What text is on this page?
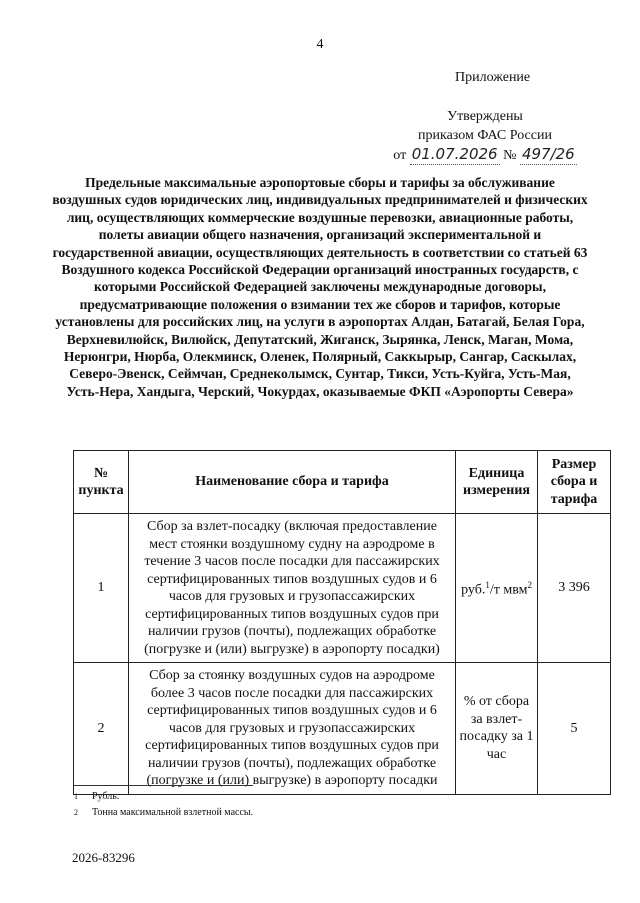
4
Приложение
Утверждены
приказом ФАС России
от 01.07.2026 № 497/26
Предельные максимальные аэропортовые сборы и тарифы за обслуживание воздушных судов юридических лиц, индивидуальных предпринимателей и физических лиц, осуществляющих коммерческие воздушные перевозки, авиационные работы, полеты авиации общего назначения, организаций экспериментальной и государственной авиации, осуществляющих деятельность в соответствии со статьей 63 Воздушного кодекса Российской Федерации организаций иностранных государств, с которыми Российской Федерацией заключены международные договоры, предусматривающие положения о взимании тех же сборов и тарифов, которые установлены для российских лиц, на услуги в аэропортах Алдан, Батагай, Белая Гора, Верхневилюйск, Вилюйск, Депутатский, Жиганск, Зырянка, Ленск, Маган, Мома, Нерюнгри, Нюрба, Олекминск, Оленек, Полярный, Саккырыр, Сангар, Саскылах, Северо-Эвенск, Сеймчан, Среднеколымск, Сунтар, Тикси, Усть-Куйга, Усть-Мая, Усть-Нера, Хандыга, Черский, Чокурдах, оказываемые ФКП «Аэропорты Севера»
№ пункта	Наименование сбора и тарифа	Единица измерения	Размер сбора и тарифа
1	Сбор за взлет-посадку (включая предоставление мест стоянки воздушному судну на аэродроме в течение 3 часов после посадки для пассажирских сертифицированных типов воздушных судов и 6 часов для грузовых и грузопассажирских сертифицированных типов воздушных судов при наличии грузов (почты), подлежащих обработке (погрузке и (или) выгрузке) в аэропорту посадки)	руб.$^1$/т мвм$^2$	3 396
2	Сбор за стоянку воздушных судов на аэродроме более 3 часов после посадки для пассажирских сертифицированных типов воздушных судов и 6 часов для грузовых и грузопассажирских сертифицированных типов воздушных судов при наличии грузов (почты), подлежащих обработке (погрузке и (или) выгрузке) в аэропорту посадки	% от сбора за взлет-посадку за 1 час	5
1	Рубль.
2	Тонна максимальной взлетной массы.
2026-83296
